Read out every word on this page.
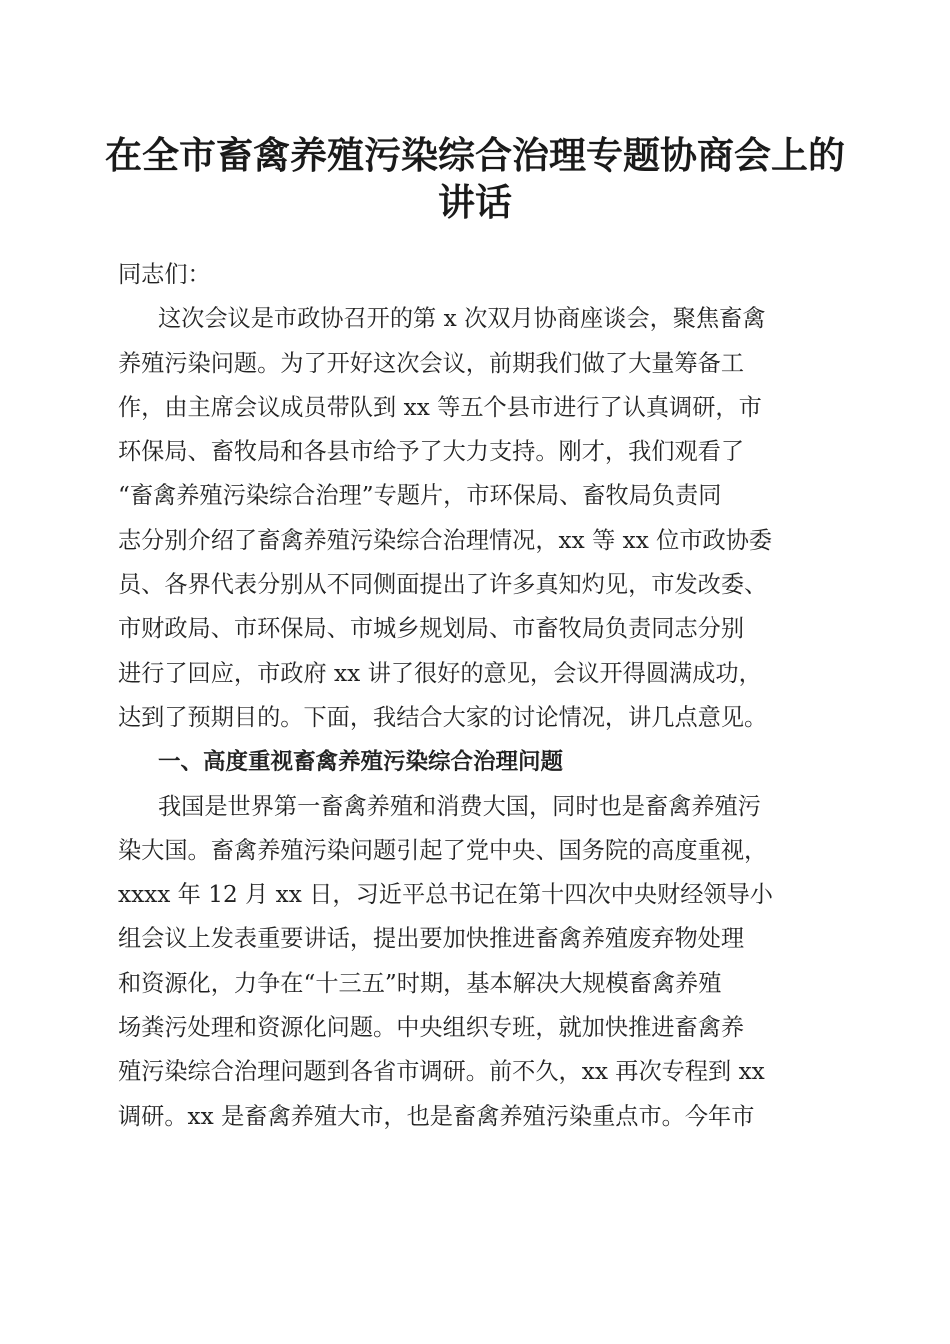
在全市畜禽养殖污染综合治理专题协商会上的
讲话
同志们：
这次会议是市政协召开的第 x 次双月协商座谈会，聚焦畜禽
养殖污染问题。为了开好这次会议，前期我们做了大量筹备工
作，由主席会议成员带队到 xx 等五个县市进行了认真调研，市
环保局、畜牧局和各县市给予了大力支持。刚才，我们观看了
“畜禽养殖污染综合治理”专题片，市环保局、畜牧局负责同
志分别介绍了畜禽养殖污染综合治理情况，xx 等 xx 位市政协委
员、各界代表分别从不同侧面提出了许多真知灼见，市发改委、
市财政局、市环保局、市城乡规划局、市畜牧局负责同志分别
进行了回应，市政府 xx 讲了很好的意见，会议开得圆满成功，
达到了预期目的。下面，我结合大家的讨论情况，讲几点意见。
一、高度重视畜禽养殖污染综合治理问题
我国是世界第一畜禽养殖和消费大国，同时也是畜禽养殖污
染大国。畜禽养殖污染问题引起了党中央、国务院的高度重视，
xxxx 年 12 月 xx 日，习近平总书记在第十四次中央财经领导小
组会议上发表重要讲话，提出要加快推进畜禽养殖废弃物处理
和资源化，力争在“十三五”时期，基本解决大规模畜禽养殖
场粪污处理和资源化问题。中央组织专班，就加快推进畜禽养
殖污染综合治理问题到各省市调研。前不久，xx 再次专程到 xx
调研。xx 是畜禽养殖大市，也是畜禽养殖污染重点市。今年市
